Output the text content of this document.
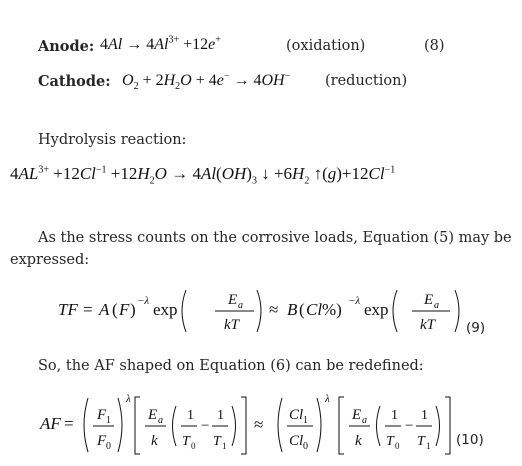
Anode: $4Al \to 4Al^{3+} +12e^+$	(oxidation)	(8)
Cathode: $O_2 + 2H_2O + 4e^- \to 4OH^-$ (reduction)
Hydrolysis reaction:
$4AL^{3+} +12Cl^{-1} +12H_2O \to 4Al(OH)_3$ ↓ $+6H_2$ $↑(g)+12Cl^{-1}$
As the stress counts on the corrosive loads, Equation (5) may be
expressed:
TF = A ( F ) −λ exp	E a
kT
≈ B ( Cl %) −λ exp E a
kT (9)
So, the AF shaped on Equation (6) can be redefined:
AF = F 1
F 0
λ
E a
k
1
T 0
−
1
T 1
≈ Cl 1
Cl 0
λ
E a
k
1
T 0
−
1
T 1 (10)
